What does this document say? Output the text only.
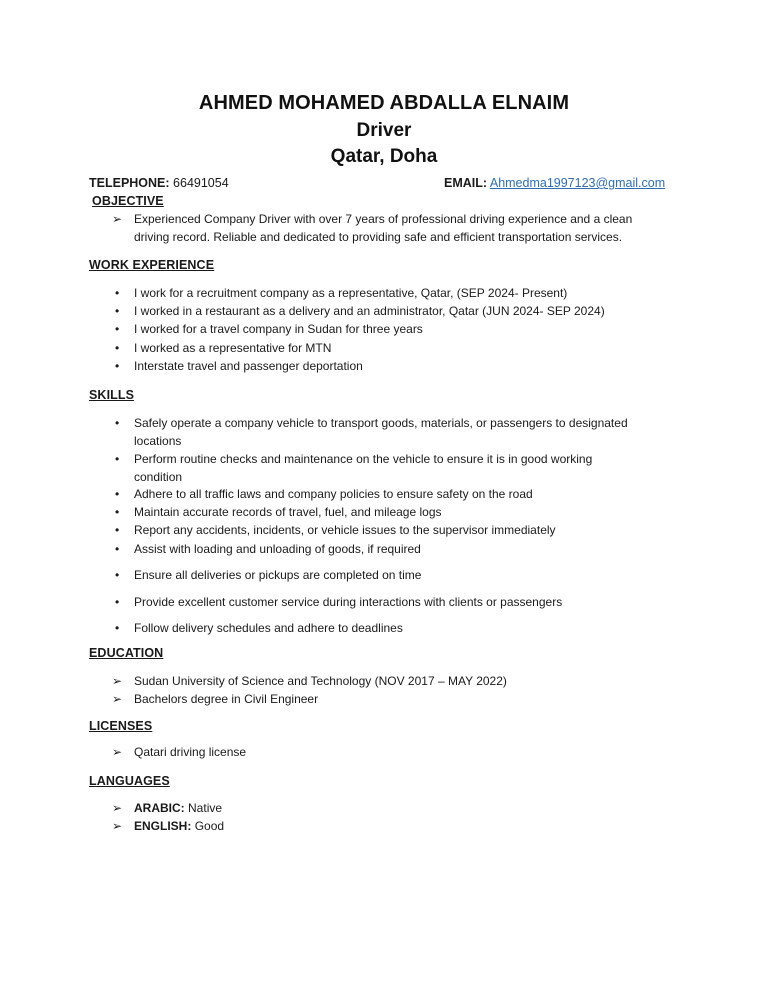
AHMED MOHAMED ABDALLA ELNAIM
Driver
Qatar, Doha
TELEPHONE: 66491054	EMAIL: Ahmedma1997123@gmail.com
OBJECTIVE
➢ Experienced Company Driver with over 7 years of professional driving experience and a clean
driving record. Reliable and dedicated to providing safe and efficient transportation services.
WORK EXPERIENCE
• I work for a recruitment company as a representative, Qatar, (SEP 2024- Present)
• I worked in a restaurant as a delivery and an administrator, Qatar (JUN 2024- SEP 2024)
• I worked for a travel company in Sudan for three years
• I worked as a representative for MTN
• Interstate travel and passenger deportation
SKILLS
• Safely operate a company vehicle to transport goods, materials, or passengers to designated
locations
• Perform routine checks and maintenance on the vehicle to ensure it is in good working
condition
• Adhere to all traffic laws and company policies to ensure safety on the road
• Maintain accurate records of travel, fuel, and mileage logs
• Report any accidents, incidents, or vehicle issues to the supervisor immediately
• Assist with loading and unloading of goods, if required
• Ensure all deliveries or pickups are completed on time
• Provide excellent customer service during interactions with clients or passengers
• Follow delivery schedules and adhere to deadlines
EDUCATION
➢ Sudan University of Science and Technology (NOV 2017 – MAY 2022)
➢ Bachelors degree in Civil Engineer
LICENSES
➢ Qatari driving license
LANGUAGES
➢ ARABIC: Native
➢ ENGLISH: Good
